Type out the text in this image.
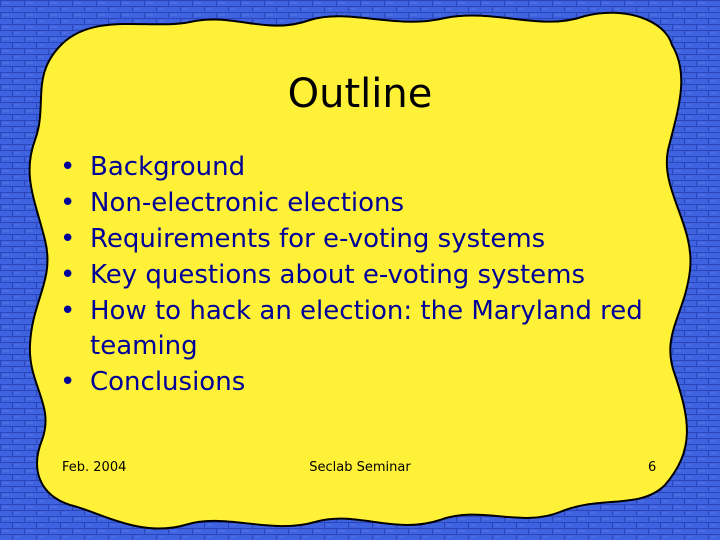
Outline
• Background
• Non-electronic elections
• Requirements for e-voting systems
• Key questions about e-voting systems
• How to hack an election: the Maryland red teaming
• Conclusions
Feb. 2004	Seclab Seminar	6
